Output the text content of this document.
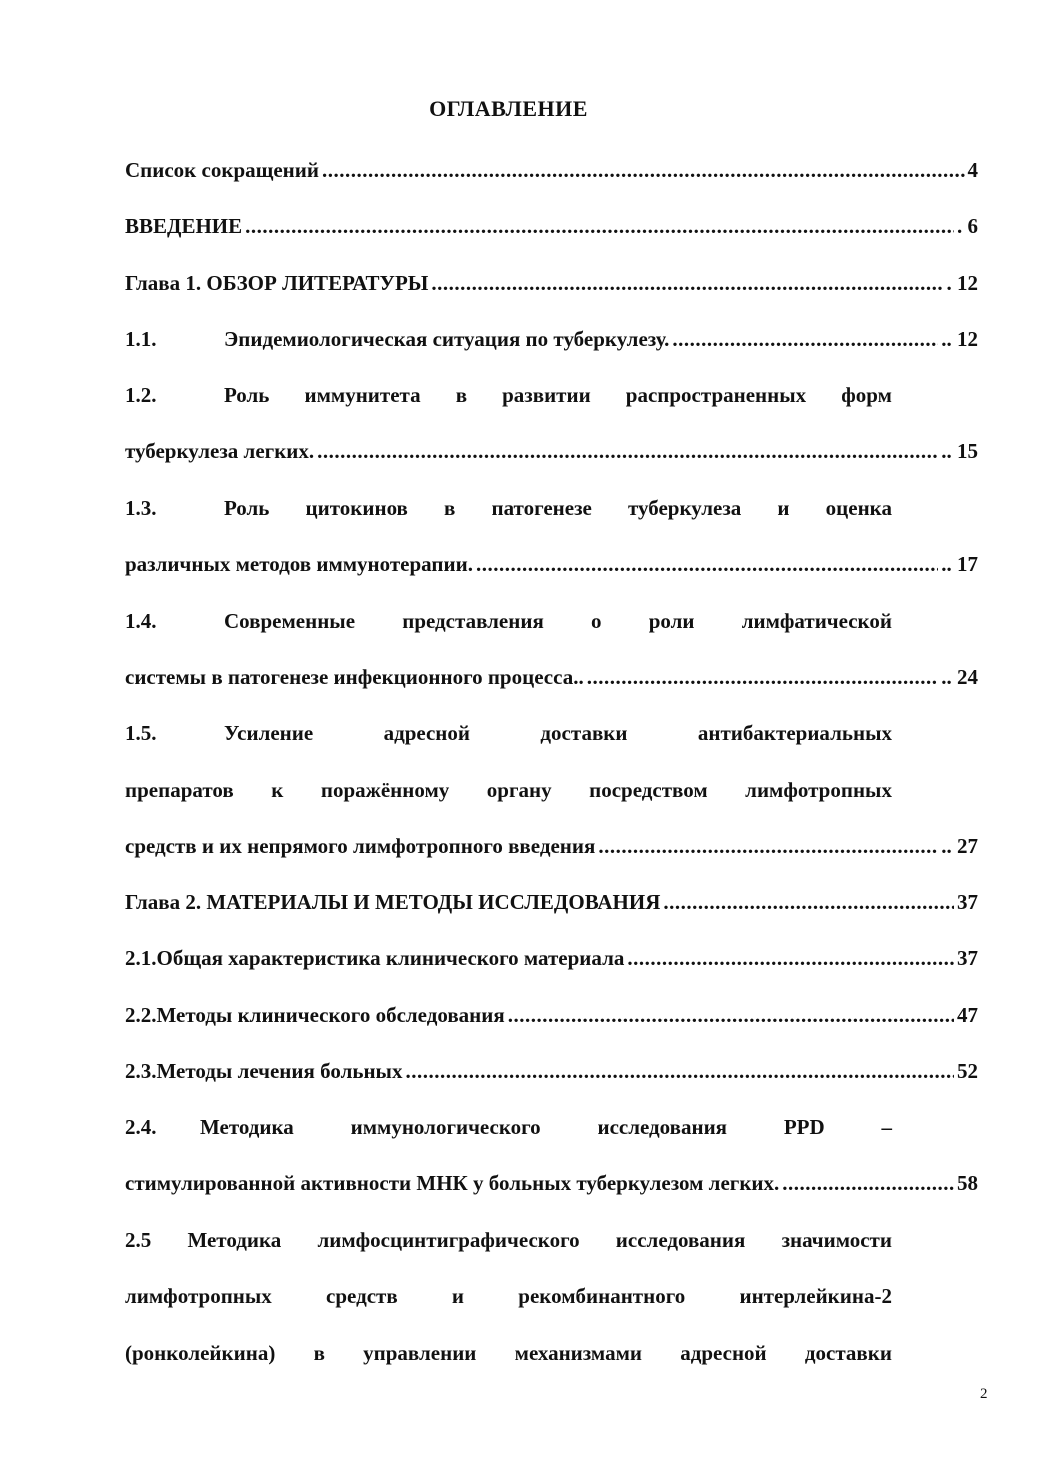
ОГЛАВЛЕНИЕ
Список сокращений .....	4
ВВЕДЕНИЕ .....	. 6
Глава 1. ОБЗОР ЛИТЕРАТУРЫ .....	. 12
1.1.	Эпидемиологическая ситуация по туберкулезу. .....	.. 12
1.2.	Роль иммунитета в развитии распространенных форм
туберкулеза легких. .....	.. 15
1.3.	Роль цитокинов в патогенезе туберкулеза и оценка
различных методов иммунотерапии. .....	.. 17
1.4.	Современные представления о роли лимфатической
системы в патогенезе инфекционного процесса.. .....	.. 24
1.5.	Усиление	адресной	доставки	антибактериальных
препаратов к поражённому органу посредством лимфотропных
средств и их непрямого лимфотропного введения .....	.. 27
Глава 2. МАТЕРИАЛЫ И МЕТОДЫ ИССЛЕДОВАНИЯ .....	37
2.1.Общая характеристика клинического материала .....	37
2.2.Методы клинического обследования .....	47
2.3.Методы лечения больных .....	52
2.4. Методика	иммунологического	исследования	PPD	–
стимулированной активности МНК у больных туберкулезом легких. .....	58
2.5 Методика лимфосцинтиграфического исследования значимости
лимфотропных	средств	и	рекомбинантного	интерлейкина-2
(ронколейкина) в управлении механизмами адресной доставки
2
